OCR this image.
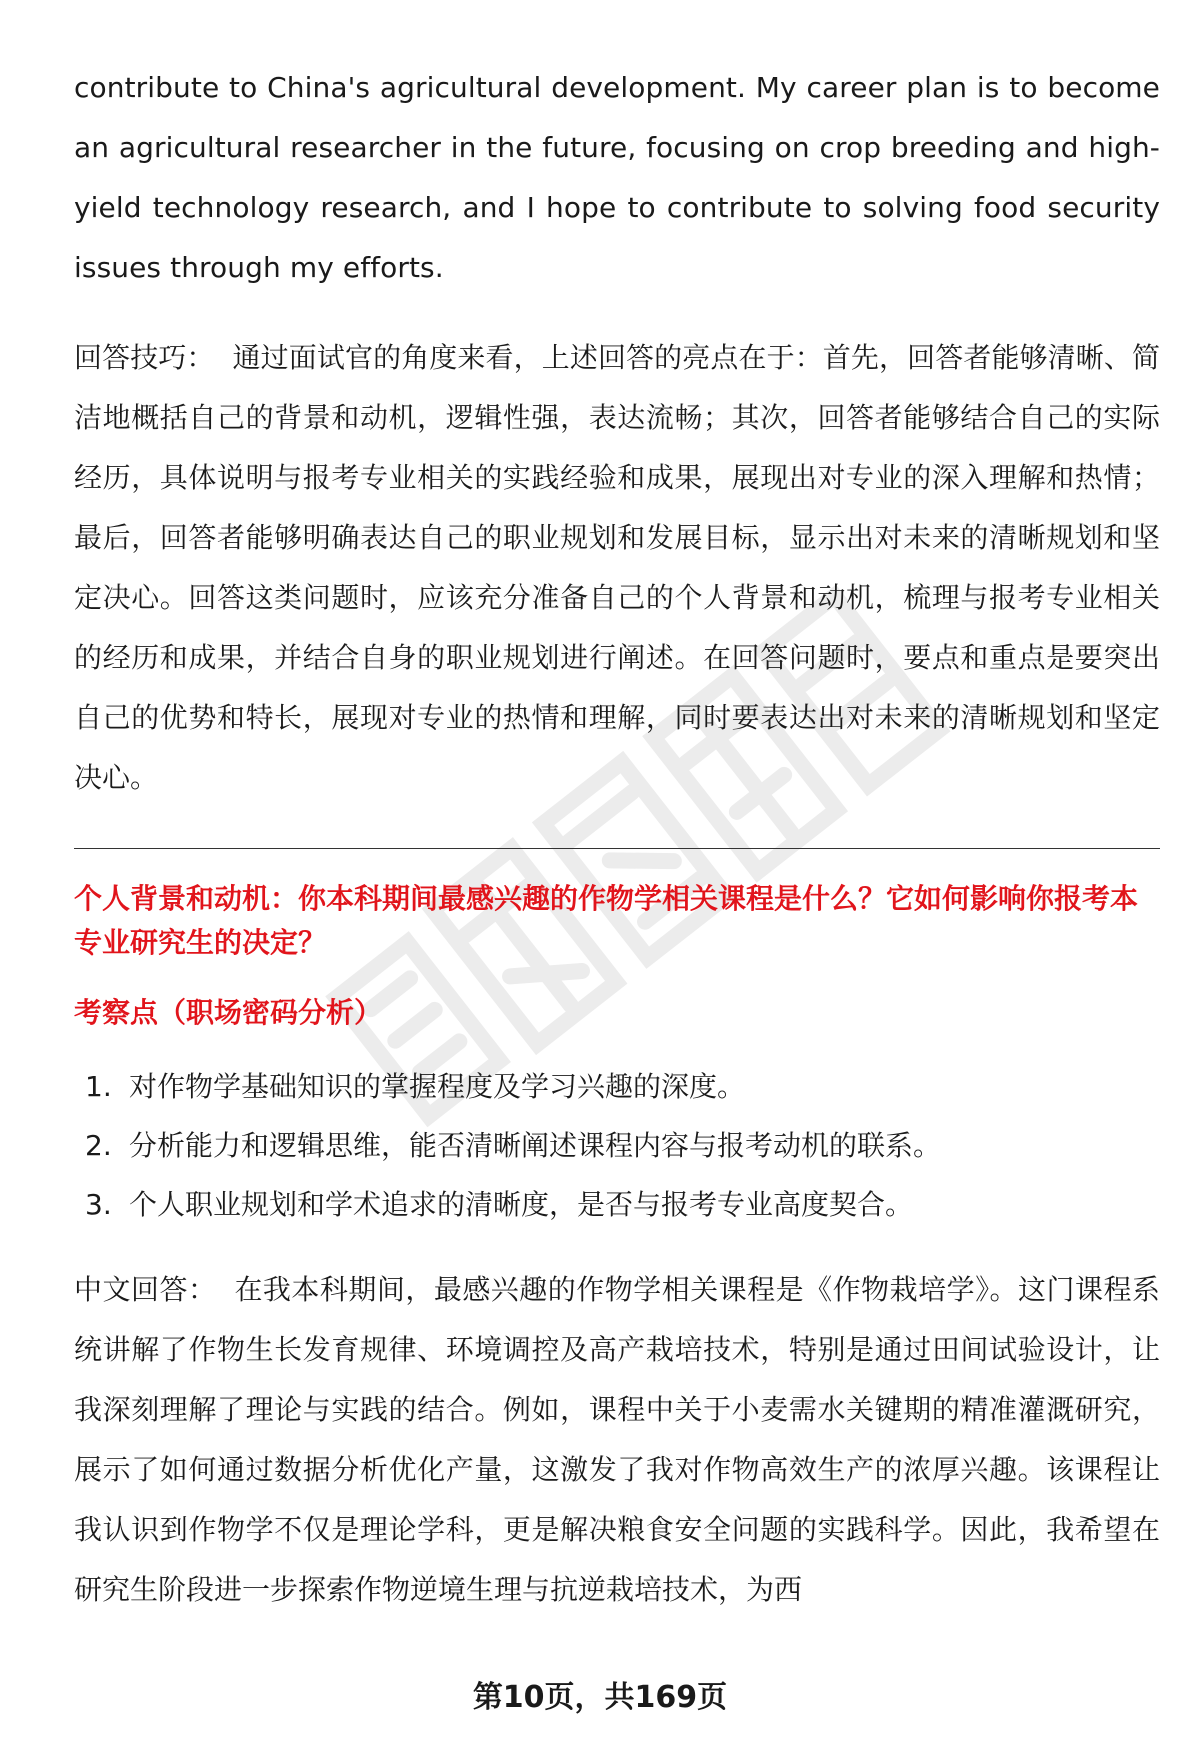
contribute to China's agricultural development. My career plan is to become an agricultural researcher in the future, focusing on crop breeding and high-yield technology research, and I hope to contribute to solving food security issues through my efforts.

回答技巧： 通过面试官的角度来看，上述回答的亮点在于：首先，回答者能够清晰、简洁地概括自己的背景和动机，逻辑性强，表达流畅；其次，回答者能够结合自己的实际经历，具体说明与报考专业相关的实践经验和成果，展现出对专业的深入理解和热情；最后，回答者能够明确表达自己的职业规划和发展目标，显示出对未来的清晰规划和坚定决心。回答这类问题时，应该充分准备自己的个人背景和动机，梳理与报考专业相关的经历和成果，并结合自身的职业规划进行阐述。在回答问题时，要点和重点是要突出自己的优势和特长，展现对专业的热情和理解，同时要表达出对未来的清晰规划和坚定决心。

个人背景和动机：你本科期间最感兴趣的作物学相关课程是什么？它如何影响你报考本专业研究生的决定？

考察点（职场密码分析）

1. 对作物学基础知识的掌握程度及学习兴趣的深度。
2. 分析能力和逻辑思维，能否清晰阐述课程内容与报考动机的联系。
3. 个人职业规划和学术追求的清晰度，是否与报考专业高度契合。

中文回答： 在我本科期间，最感兴趣的作物学相关课程是《作物栽培学》。这门课程系统讲解了作物生长发育规律、环境调控及高产栽培技术，特别是通过田间试验设计，让我深刻理解了理论与实践的结合。例如，课程中关于小麦需水关键期的精准灌溉研究，展示了如何通过数据分析优化产量，这激发了我对作物高效生产的浓厚兴趣。该课程让我认识到作物学不仅是理论学科，更是解决粮食安全问题的实践科学。因此，我希望在研究生阶段进一步探索作物逆境生理与抗逆栽培技术，为西

第10页，共169页
